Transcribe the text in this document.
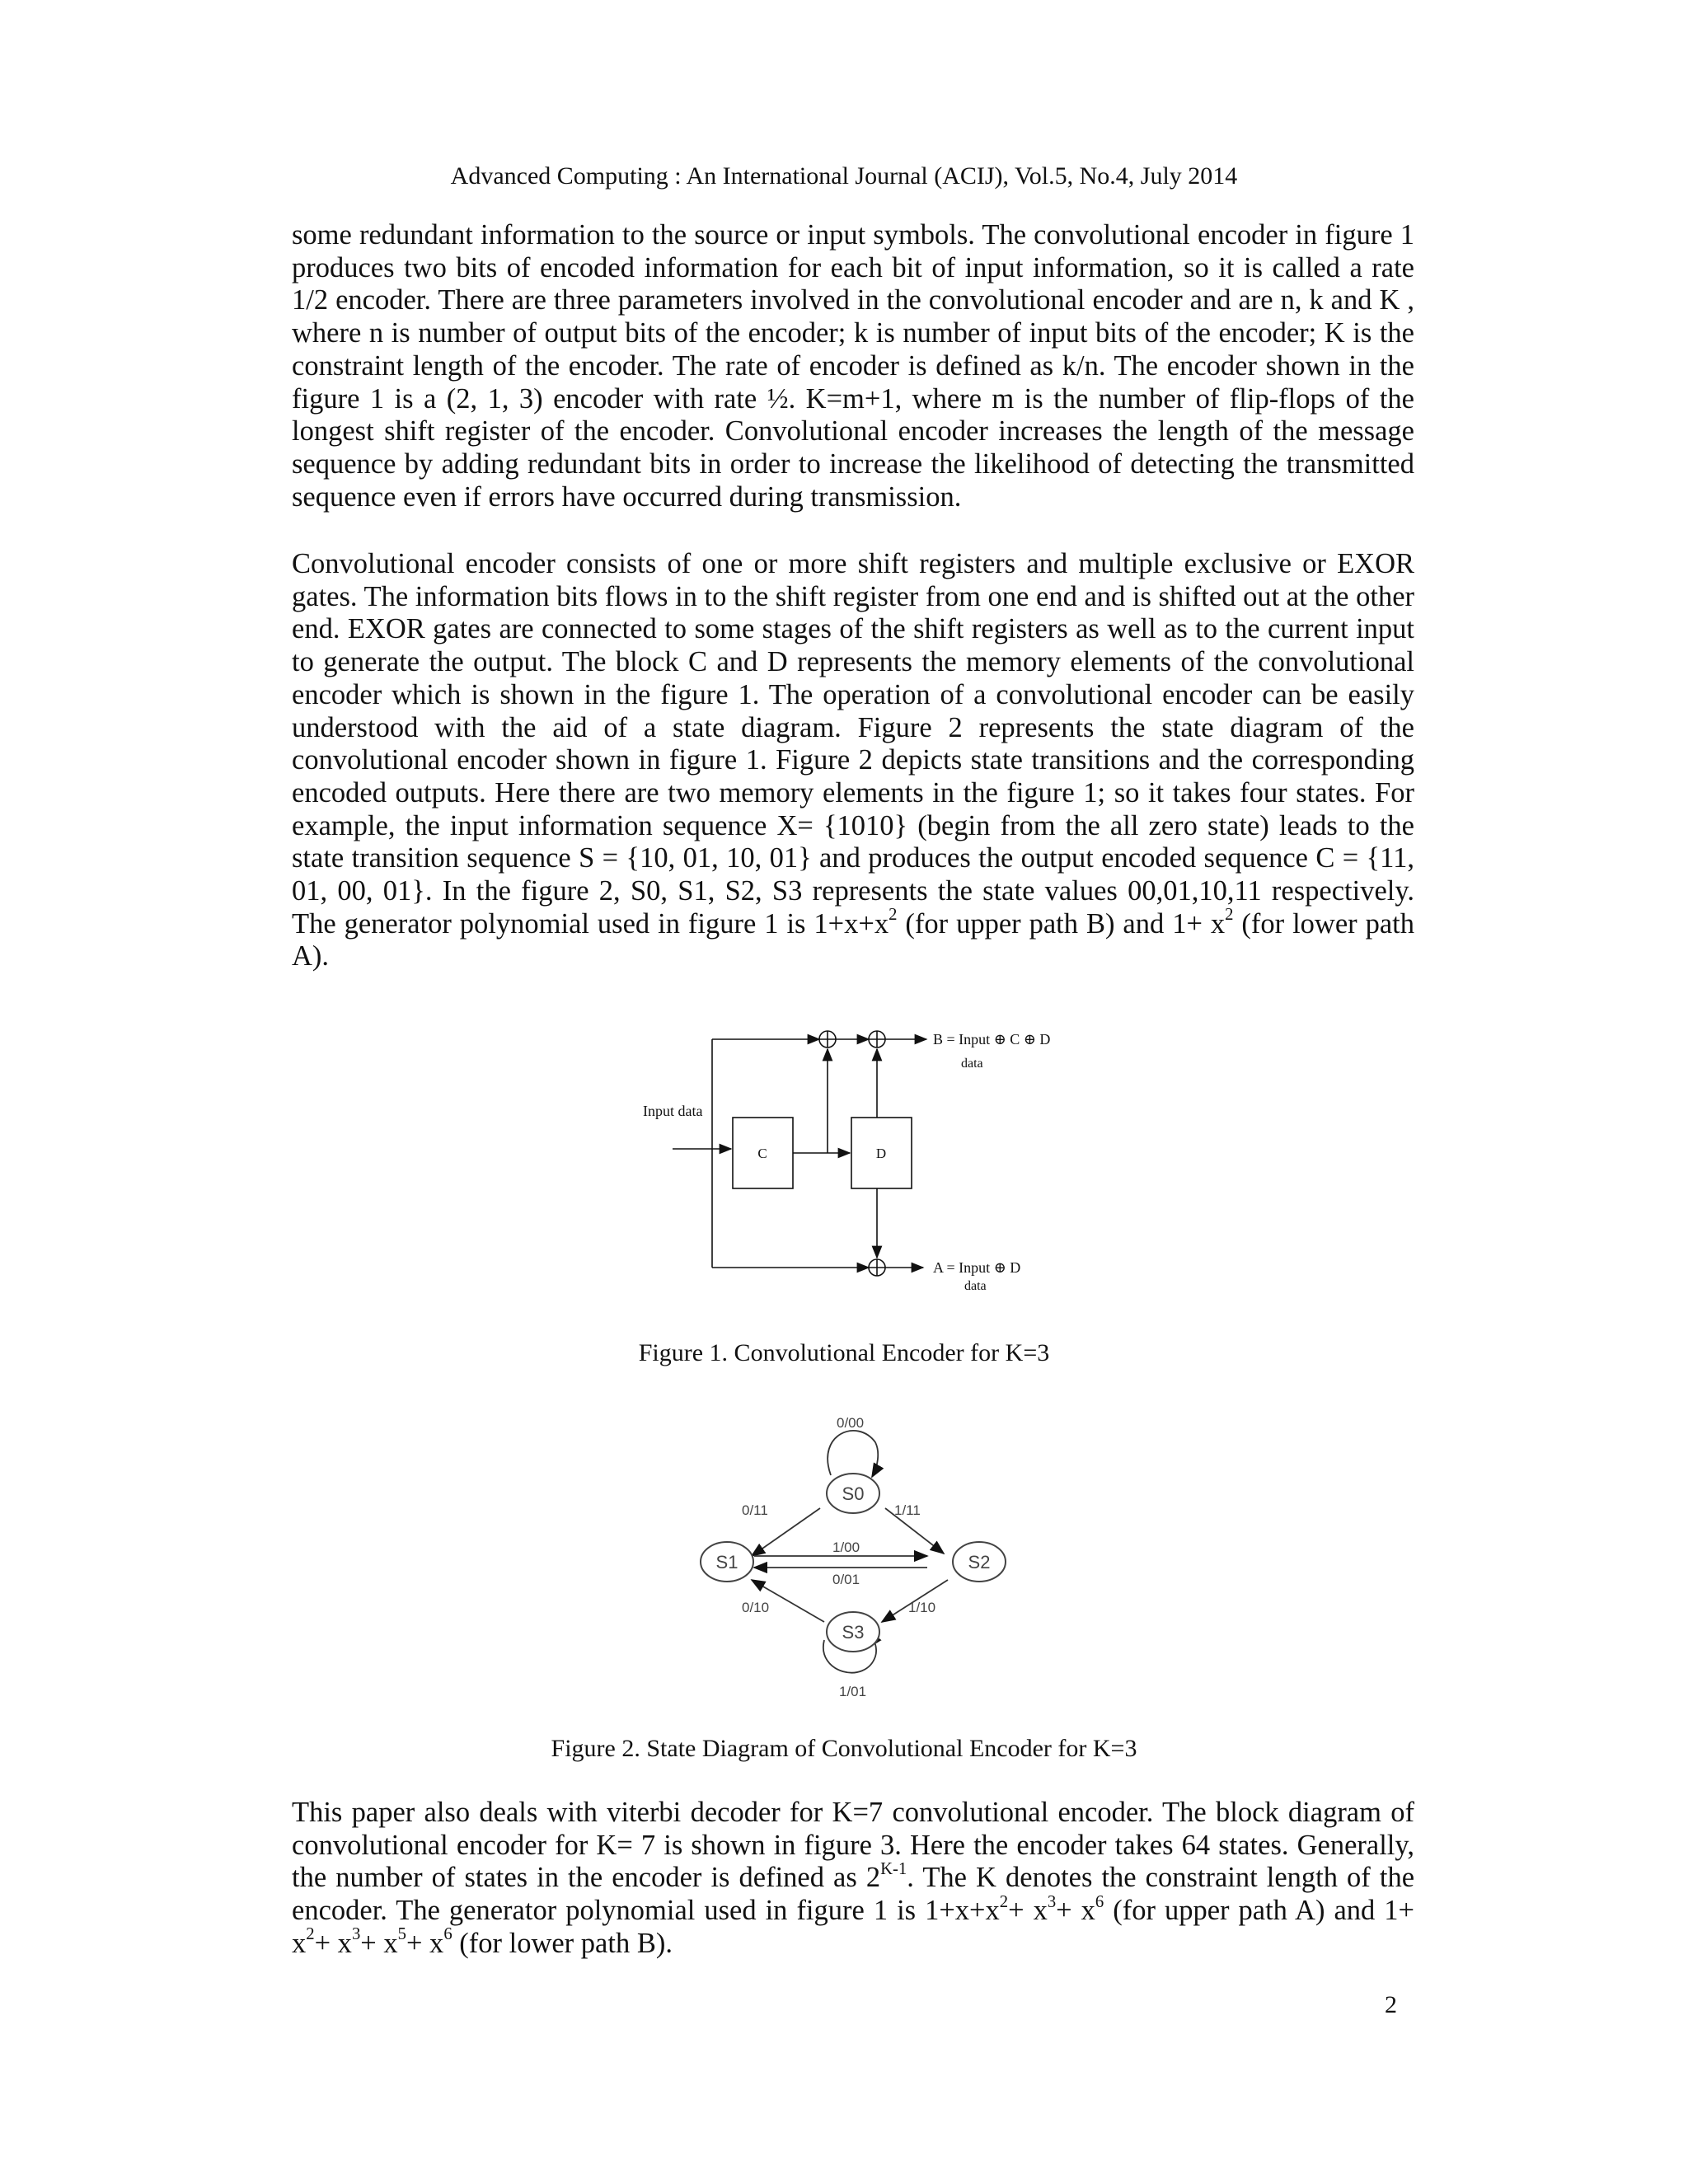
Advanced Computing : An International Journal (ACIJ), Vol.5, No.4, July 2014

some redundant information to the source or input symbols. The convolutional encoder in figure 1 produces two bits of encoded information for each bit of input information, so it is called a rate 1/2 encoder. There are three parameters involved in the convolutional encoder and are n, k and K , where n is number of output bits of the encoder; k is number of input bits of the encoder; K is the constraint length of the encoder. The rate of encoder is defined as k/n. The encoder shown in the figure 1 is a (2, 1, 3) encoder with rate ½. K=m+1, where m is the number of flip-flops of the longest shift register of the encoder. Convolutional encoder increases the length of the message sequence by adding redundant bits in order to increase the likelihood of detecting the transmitted sequence even if errors have occurred during transmission.

Convolutional encoder consists of one or more shift registers and multiple exclusive or EXOR gates. The information bits flows in to the shift register from one end and is shifted out at the other end. EXOR gates are connected to some stages of the shift registers as well as to the current input to generate the output. The block C and D represents the memory elements of the convolutional encoder which is shown in the figure 1. The operation of a convolutional encoder can be easily understood with the aid of a state diagram. Figure 2 represents the state diagram of the convolutional encoder shown in figure 1. Figure 2 depicts state transitions and the corresponding encoded outputs. Here there are two memory elements in the figure 1; so it takes four states. For example, the input information sequence X= {1010} (begin from the all zero state) leads to the state transition sequence S = {10, 01, 10, 01} and produces the output encoded sequence C = {11, 01, 00, 01}. In the figure 2, S0, S1, S2, S3 represents the state values 00,01,10,11 respectively. The generator polynomial used in figure 1 is $1+x+x^2$ (for upper path B) and $1+ x^2$ (for lower path A).

Input data
C	D
B = Input ⊕ C ⊕ D
data
A = Input ⊕ D
data
Figure 1. Convolutional Encoder for K=3
S0
S1	S2
S3
0/00
0/11	1/11
1/00
0/01
0/10	1/10
1/01
Figure 2. State Diagram of Convolutional Encoder for K=3

This paper also deals with viterbi decoder for K=7 convolutional encoder. The block diagram of convolutional encoder for K= 7 is shown in figure 3. Here the encoder takes 64 states. Generally, the number of states in the encoder is defined as $2^{K-1}$. The K denotes the constraint length of the encoder. The generator polynomial used in figure 1 is $1+x+x^2+ x^3+ x^6$ (for upper path A) and $1+ x^2+ x^3+ x^5+ x^6$ (for lower path B).

2
